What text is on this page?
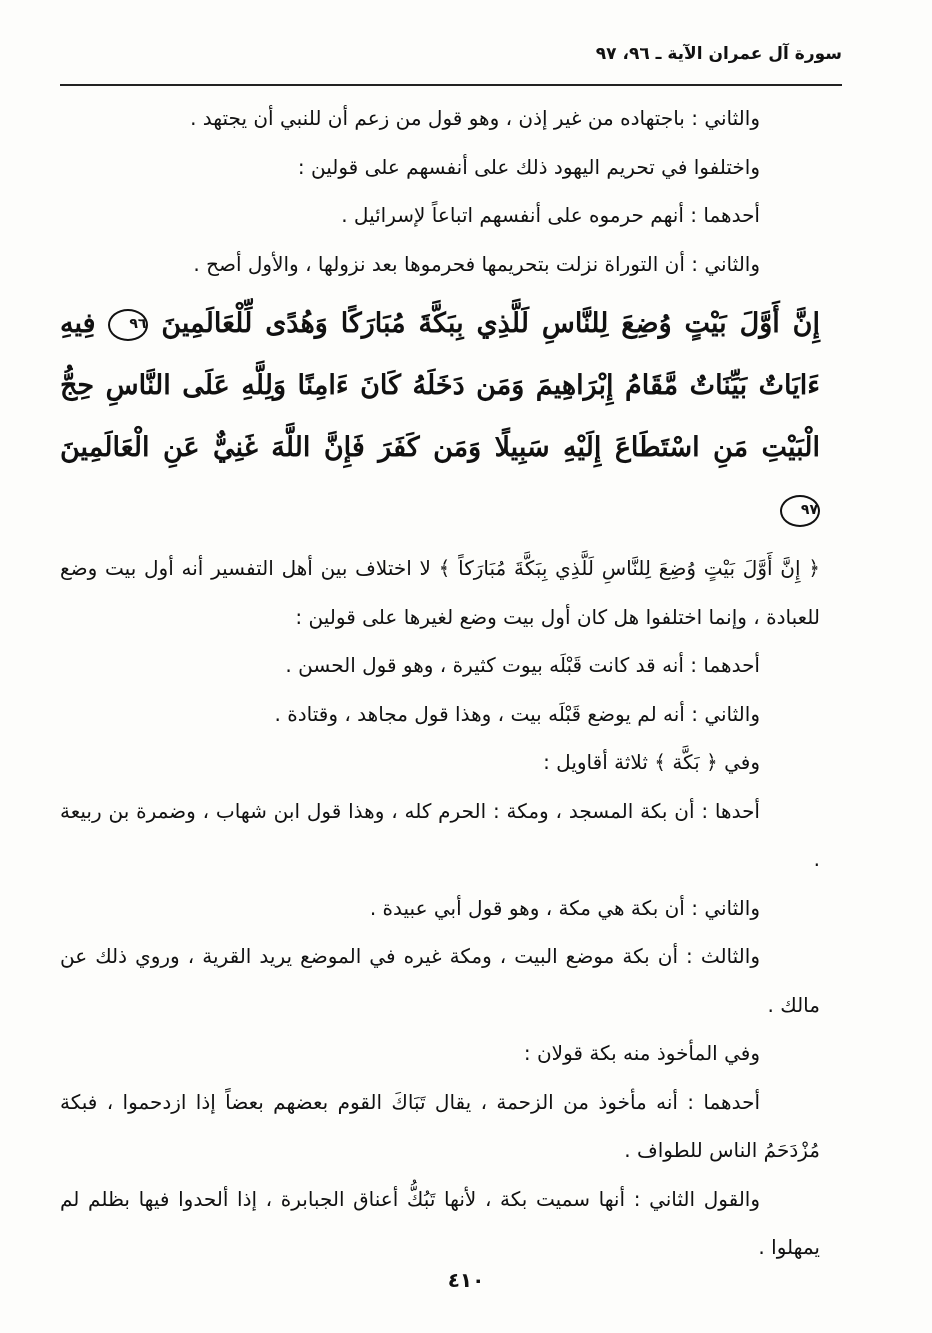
سورة آل عمران الآية ـ ٩٦، ٩٧

والثاني : باجتهاده من غير إذن ، وهو قول من زعم أن للنبي أن يجتهد .

واختلفوا في تحريم اليهود ذلك على أنفسهم على قولين :

أحدهما : أنهم حرموه على أنفسهم اتباعاً لإسرائيل .

والثاني : أن التوراة نزلت بتحريمها فحرموها بعد نزولها ، والأول أصح .

إِنَّ أَوَّلَ بَيْتٍ وُضِعَ لِلنَّاسِ لَلَّذِي بِبَكَّةَ مُبَارَكًا وَهُدًى لِّلْعَالَمِينَ ٩٦ فِيهِ ءَايَاتٌ بَيِّنَاتٌ مَّقَامُ إِبْرَاهِيمَ وَمَن دَخَلَهُ كَانَ ءَامِنًا وَلِلَّهِ عَلَى النَّاسِ حِجُّ الْبَيْتِ مَنِ اسْتَطَاعَ إِلَيْهِ سَبِيلًا وَمَن كَفَرَ فَإِنَّ اللَّهَ غَنِيٌّ عَنِ الْعَالَمِينَ ٩٧

﴿ إِنَّ أَوَّلَ بَيْتٍ وُضِعَ لِلنَّاسِ لَلَّذِي بِبَكَّةَ مُبَارَكاً ﴾ لا اختلاف بين أهل التفسير أنه أول بيت وضع للعبادة ، وإنما اختلفوا هل كان أول بيت وضع لغيرها على قولين :

أحدهما : أنه قد كانت قَبْلَه بيوت كثيرة ، وهو قول الحسن .

والثاني : أنه لم يوضع قَبْلَه بيت ، وهذا قول مجاهد ، وقتادة .

وفي ﴿ بَكَّة ﴾ ثلاثة أقاويل :

أحدها : أن بكة المسجد ، ومكة : الحرم كله ، وهذا قول ابن شهاب ، وضمرة بن ربيعة .

والثاني : أن بكة هي مكة ، وهو قول أبي عبيدة .

والثالث : أن بكة موضع البيت ، ومكة غيره في الموضع يريد القرية ، وروي ذلك عن مالك .

وفي المأخوذ منه بكة قولان :

أحدهما : أنه مأخوذ من الزحمة ، يقال تَبَاكَ القوم بعضهم بعضاً إذا ازدحموا ، فبكة مُزْدَحَمُ الناس للطواف .

والقول الثاني : أنها سميت بكة ، لأنها تَبُكُّ أعناق الجبابرة ، إذا ألحدوا فيها بظلم لم يمهلوا .

٤١٠
